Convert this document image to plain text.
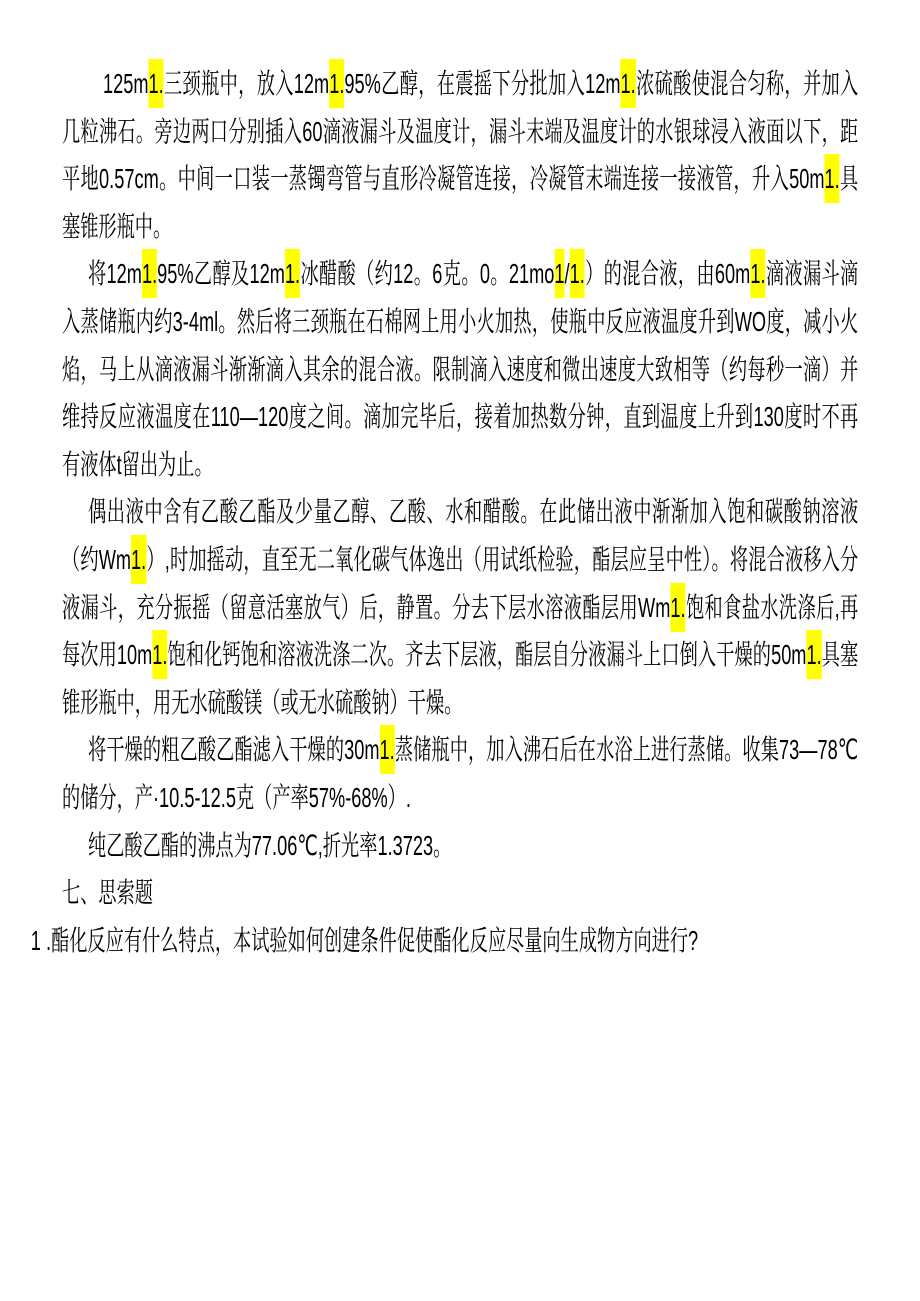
125m1.三颈瓶中，放入12m1.95%乙醇，在震摇下分批加入12m1.浓硫酸使混合匀称，并加入几粒沸石。旁边两口分别插入60滴液漏斗及温度计，漏斗末端及温度计的水银球浸入液面以下，距平地0.57cm。中间一口装一蒸镯弯管与直形冷凝管连接，冷凝管末端连接一接液管，升入50m1.具塞锥形瓶中。

将12m1.95%乙醇及12m1.冰醋酸（约12。6克。0。21mo1/1.）的混合液，由60m1.滴液漏斗滴入蒸储瓶内约3-4ml。然后将三颈瓶在石棉网上用小火加热，使瓶中反应液温度升到WO度，减小火焰，马上从滴液漏斗渐渐滴入其余的混合液。限制滴入速度和微出速度大致相等（约每秒一滴）并维持反应液温度在110—120度之间。滴加完毕后，接着加热数分钟，直到温度上升到130度时不再有液体t留出为止。

偶出液中含有乙酸乙酯及少量乙醇、乙酸、水和醋酸。在此储出液中渐渐加入饱和碳酸钠溶液（约Wm1.）,时加摇动，直至无二氧化碳气体逸出（用试纸检验，酯层应呈中性）。将混合液移入分液漏斗，充分振摇（留意活塞放气）后，静置。分去下层水溶液酯层用Wm1.饱和食盐水洗涤后,再每次用10m1.饱和化钙饱和溶液洗涤二次。齐去下层液，酯层自分液漏斗上口倒入干燥的50m1.具塞锥形瓶中，用无水硫酸镁（或无水硫酸钠）干燥。

将干燥的粗乙酸乙酯滤入干燥的30m1.蒸储瓶中，加入沸石后在水浴上进行蒸储。收集73—78℃的储分，产·10.5-12.5克（产率57%-68%）.

纯乙酸乙酯的沸点为77.06℃,折光率1.3723。

七、思索题

1 .酯化反应有什么特点，本试验如何创建条件促使酯化反应尽量向生成物方向进行?
